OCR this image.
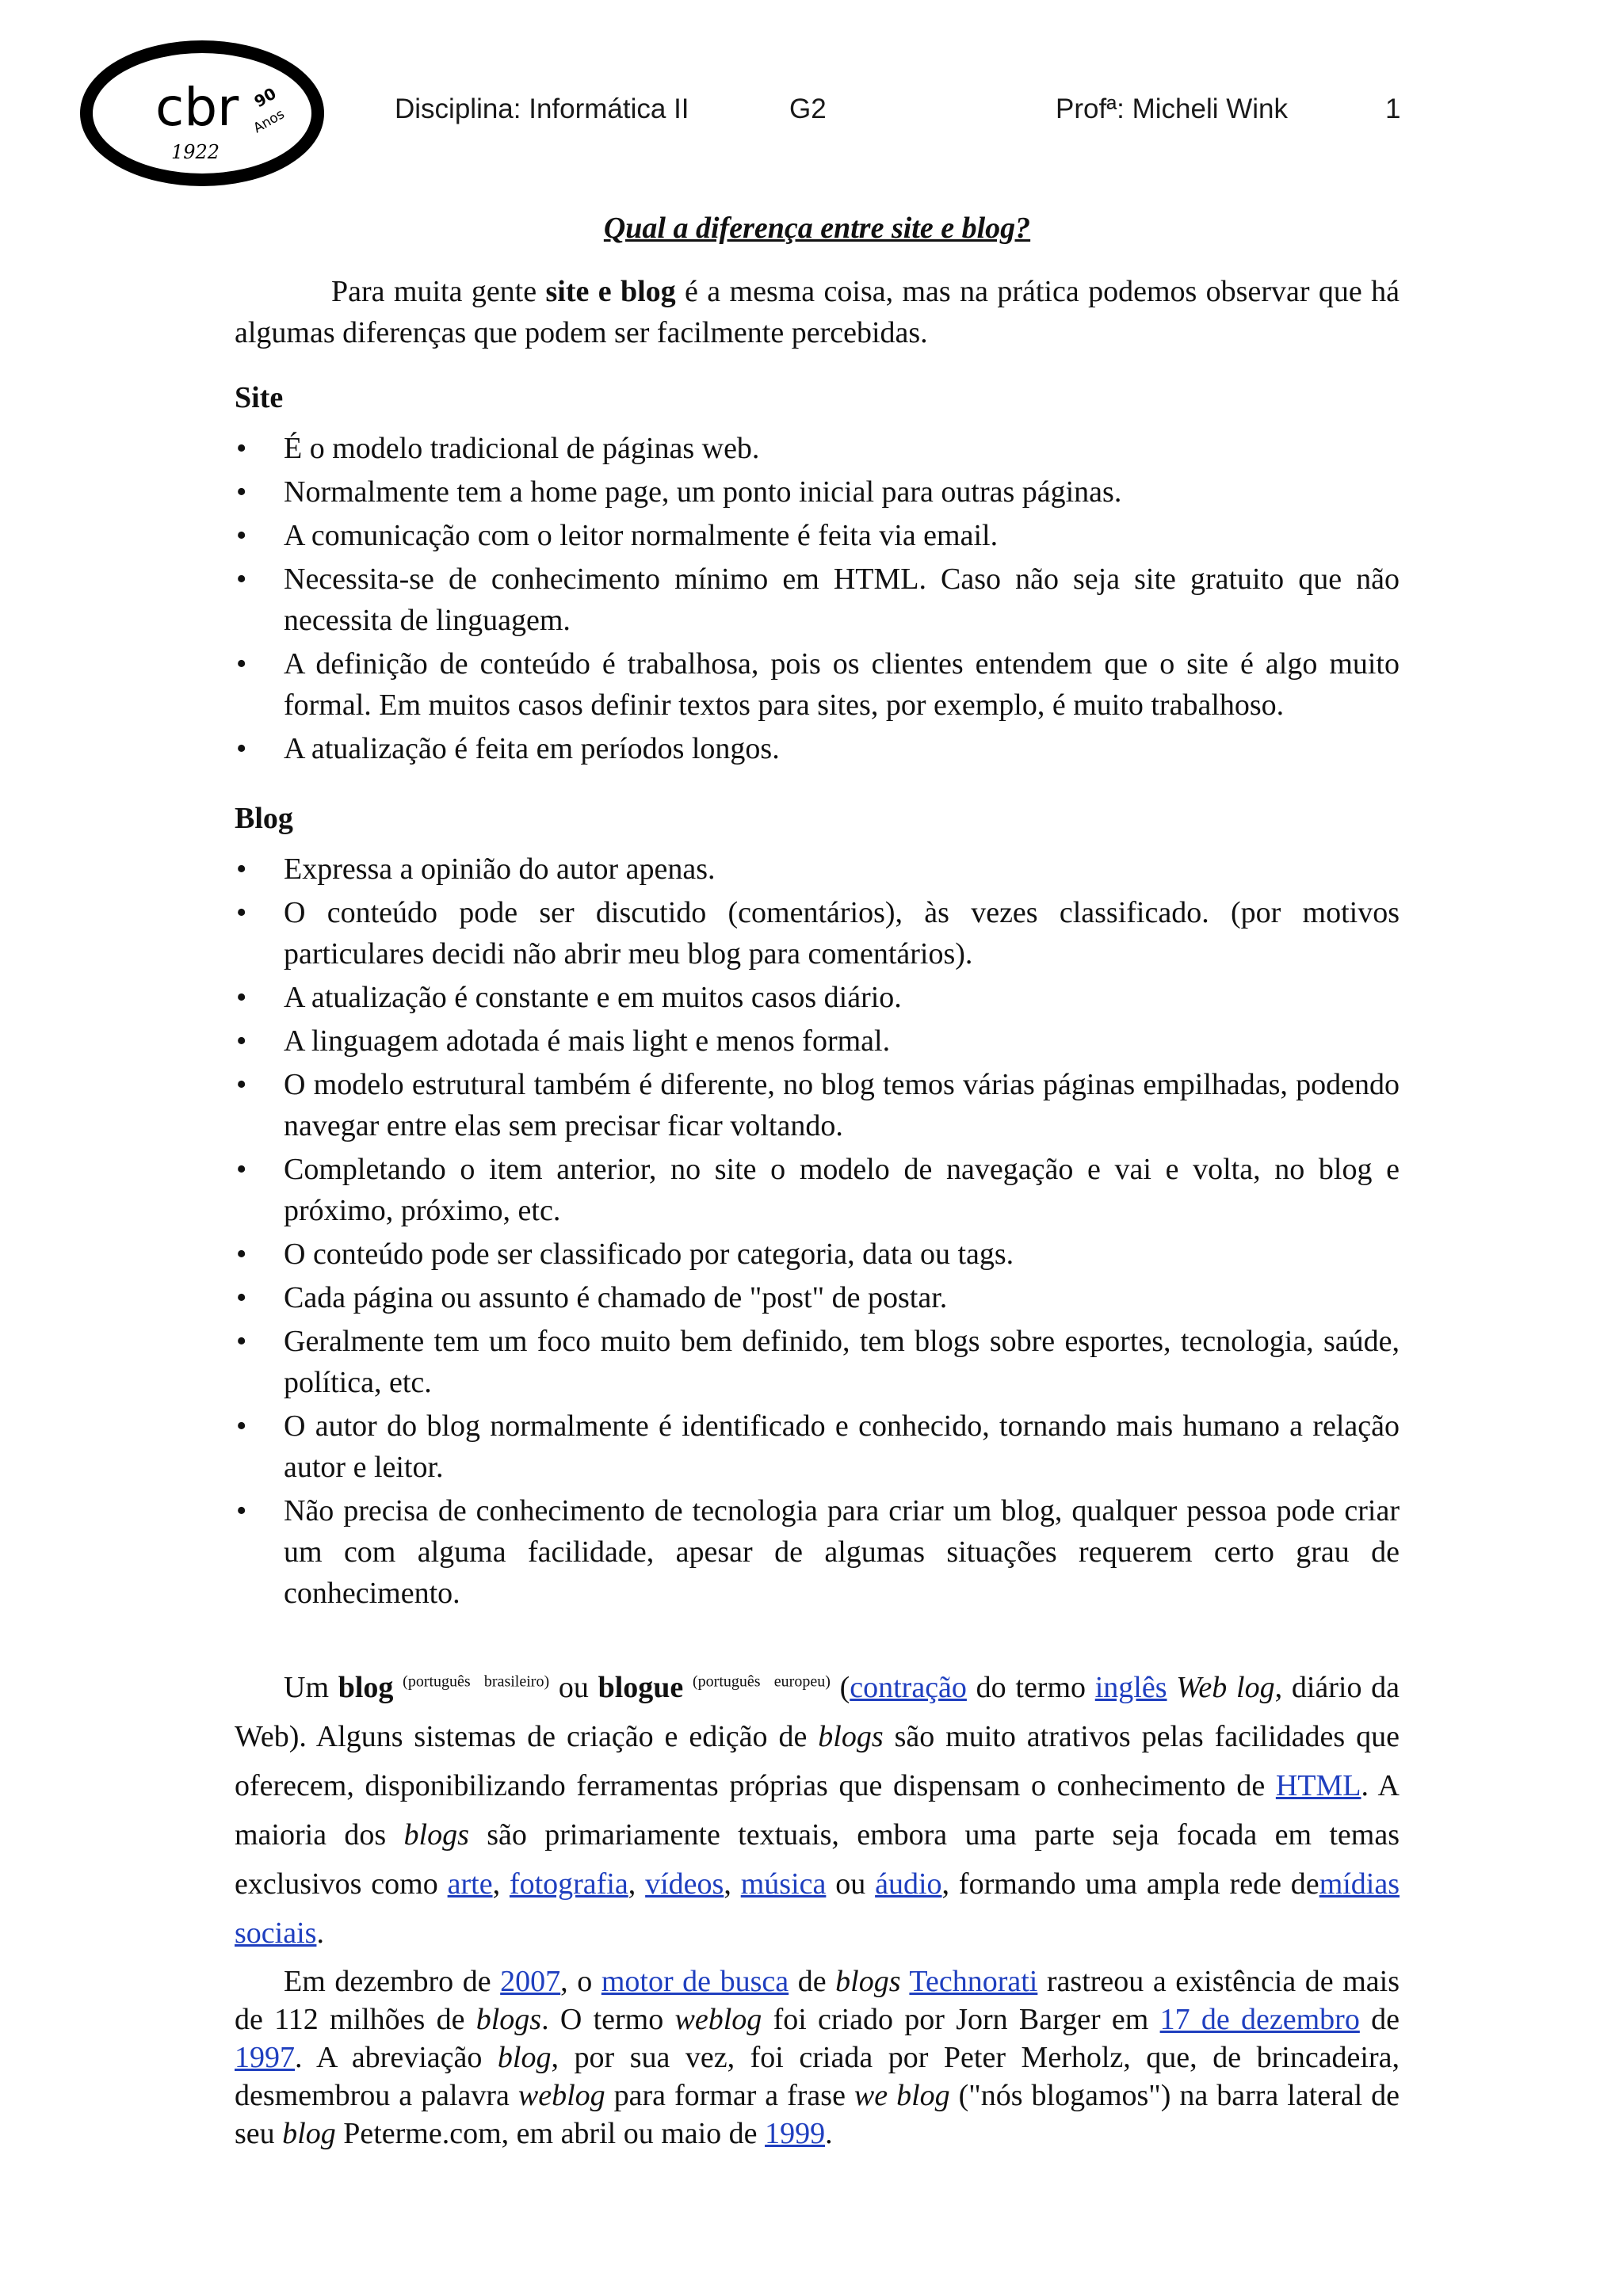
cbr 90
Anos
1922
Disciplina: Informática II	G2	Profª: Micheli Wink	1
Qual a diferença entre site e blog?

Para muita gente site e blog é a mesma coisa, mas na prática podemos observar que há algumas diferenças que podem ser facilmente percebidas.

Site
• É o modelo tradicional de páginas web.
• Normalmente tem a home page, um ponto inicial para outras páginas.
• A comunicação com o leitor normalmente é feita via email.
• Necessita-se de conhecimento mínimo em HTML. Caso não seja site gratuito que não necessita de linguagem.
• A definição de conteúdo é trabalhosa, pois os clientes entendem que o site é algo muito formal. Em muitos casos definir textos para sites, por exemplo, é muito trabalhoso.
• A atualização é feita em períodos longos.
Blog
• Expressa a opinião do autor apenas.
• O conteúdo pode ser discutido (comentários), às vezes classificado. (por motivos particulares decidi não abrir meu blog para comentários).
• A atualização é constante e em muitos casos diário.
• A linguagem adotada é mais light e menos formal.
• O modelo estrutural também é diferente, no blog temos várias páginas empilhadas, podendo navegar entre elas sem precisar ficar voltando.
• Completando o item anterior, no site o modelo de navegação e vai e volta, no blog e próximo, próximo, etc.
• O conteúdo pode ser classificado por categoria, data ou tags.
• Cada página ou assunto é chamado de "post" de postar.
• Geralmente tem um foco muito bem definido, tem blogs sobre esportes, tecnologia, saúde, política, etc.
• O autor do blog normalmente é identificado e conhecido, tornando mais humano a relação autor e leitor.
• Não precisa de conhecimento de tecnologia para criar um blog, qualquer pessoa pode criar um com alguma facilidade, apesar de algumas situações requerem certo grau de conhecimento.

Um blog $^{(português brasileiro)}$ ou blogue $^{(português europeu)}$ (contração do termo inglês Web log, diário da Web). Alguns sistemas de criação e edição de blogs são muito atrativos pelas facilidades que oferecem, disponibilizando ferramentas próprias que dispensam o conhecimento de HTML. A maioria dos blogs são primariamente textuais, embora uma parte seja focada em temas exclusivos como arte, fotografia, vídeos, música ou áudio, formando uma ampla rede demídias sociais.

Em dezembro de 2007, o motor de busca de blogs Technorati rastreou a existência de mais de 112 milhões de blogs. O termo weblog foi criado por Jorn Barger em 17 de dezembro de 1997. A abreviação blog, por sua vez, foi criada por Peter Merholz, que, de brincadeira, desmembrou a palavra weblog para formar a frase we blog ("nós blogamos") na barra lateral de seu blog Peterme.com, em abril ou maio de 1999.
